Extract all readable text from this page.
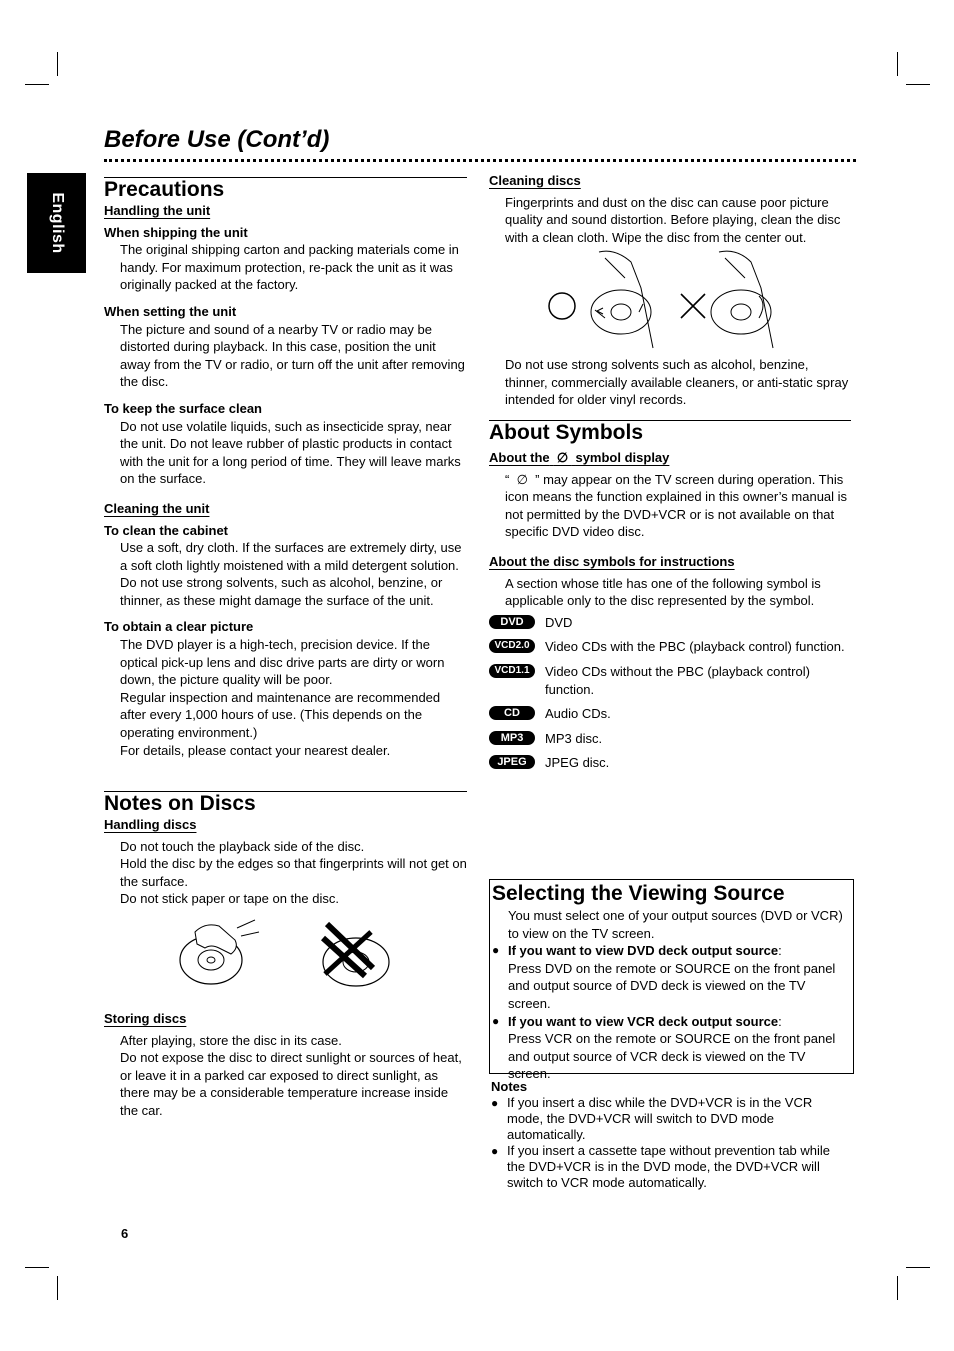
Before Use (Cont’d)
English
Precautions
Handling the unit
When shipping the unit

The original shipping carton and packing materials come in handy. For maximum protection, re-pack the unit as it was originally packed at the factory.

When setting the unit

The picture and sound of a nearby TV or radio may be distorted during playback. In this case, position the unit away from the TV or radio, or turn off the unit after removing the disc.

To keep the surface clean

Do not use volatile liquids, such as insecticide spray, near the unit. Do not leave rubber of plastic products in contact with the unit for a long period of time. They will leave marks on the surface.

Cleaning the unit
To clean the cabinet

Use a soft, dry cloth. If the surfaces are extremely dirty, use a soft cloth lightly moistened with a mild detergent solution. Do not use strong solvents, such as alcohol, benzine, or thinner, as these might damage the surface of the unit.

To obtain a clear picture

The DVD player is a high-tech, precision device. If the optical pick-up lens and disc drive parts are dirty or worn down, the picture quality will be poor.

Regular inspection and maintenance are recommended after every 1,000 hours of use. (This depends on the operating environment.)

For details, please contact your nearest dealer.

Notes on Discs
Handling discs

Do not touch the playback side of the disc.

Hold the disc by the edges so that fingerprints will not get on the surface.

Do not stick paper or tape on the disc.

Storing discs

After playing, store the disc in its case.

Do not expose the disc to direct sunlight or sources of heat, or leave it in a parked car exposed to direct sunlight, as there may be a considerable temperature increase inside the car.

Cleaning discs

Fingerprints and dust on the disc can cause poor picture quality and sound distortion. Before playing, clean the disc with a clean cloth. Wipe the disc from the center out.

Do not use strong solvents such as alcohol, benzine, thinner, commercially available cleaners, or anti-static spray intended for older vinyl records.

About Symbols
About the  ∅  symbol display

“  ∅  ” may appear on the TV screen during operation. This icon means the function explained in this owner’s manual is not permitted by the DVD+VCR or is not available on that specific DVD video disc.

About the disc symbols for instructions

A section whose title has one of the following symbol is applicable only to the disc represented by the symbol.

DVD	DVD
VCD2.0	Video CDs with the PBC (playback control) function.
VCD1.1	Video CDs without the PBC (playback control) function.
CD	Audio CDs.
MP3	MP3 disc.
JPEG	JPEG disc.
Selecting the Viewing Source

You must select one of your output sources (DVD or VCR) to view on the TV screen.

● If you want to view DVD deck output source:
Press DVD on the remote or SOURCE on the front panel and output source of DVD deck is viewed on the TV screen.
● If you want to view VCR deck output source:
Press VCR on the remote or SOURCE on the front panel and output source of VCR deck is viewed on the TV screen.
Notes
● If you insert a disc while the DVD+VCR is in the VCR mode, the DVD+VCR will switch to DVD mode automatically.
● If you insert a cassette tape without prevention tab while the DVD+VCR is in the DVD mode, the DVD+VCR will switch to VCR mode automatically.
6
